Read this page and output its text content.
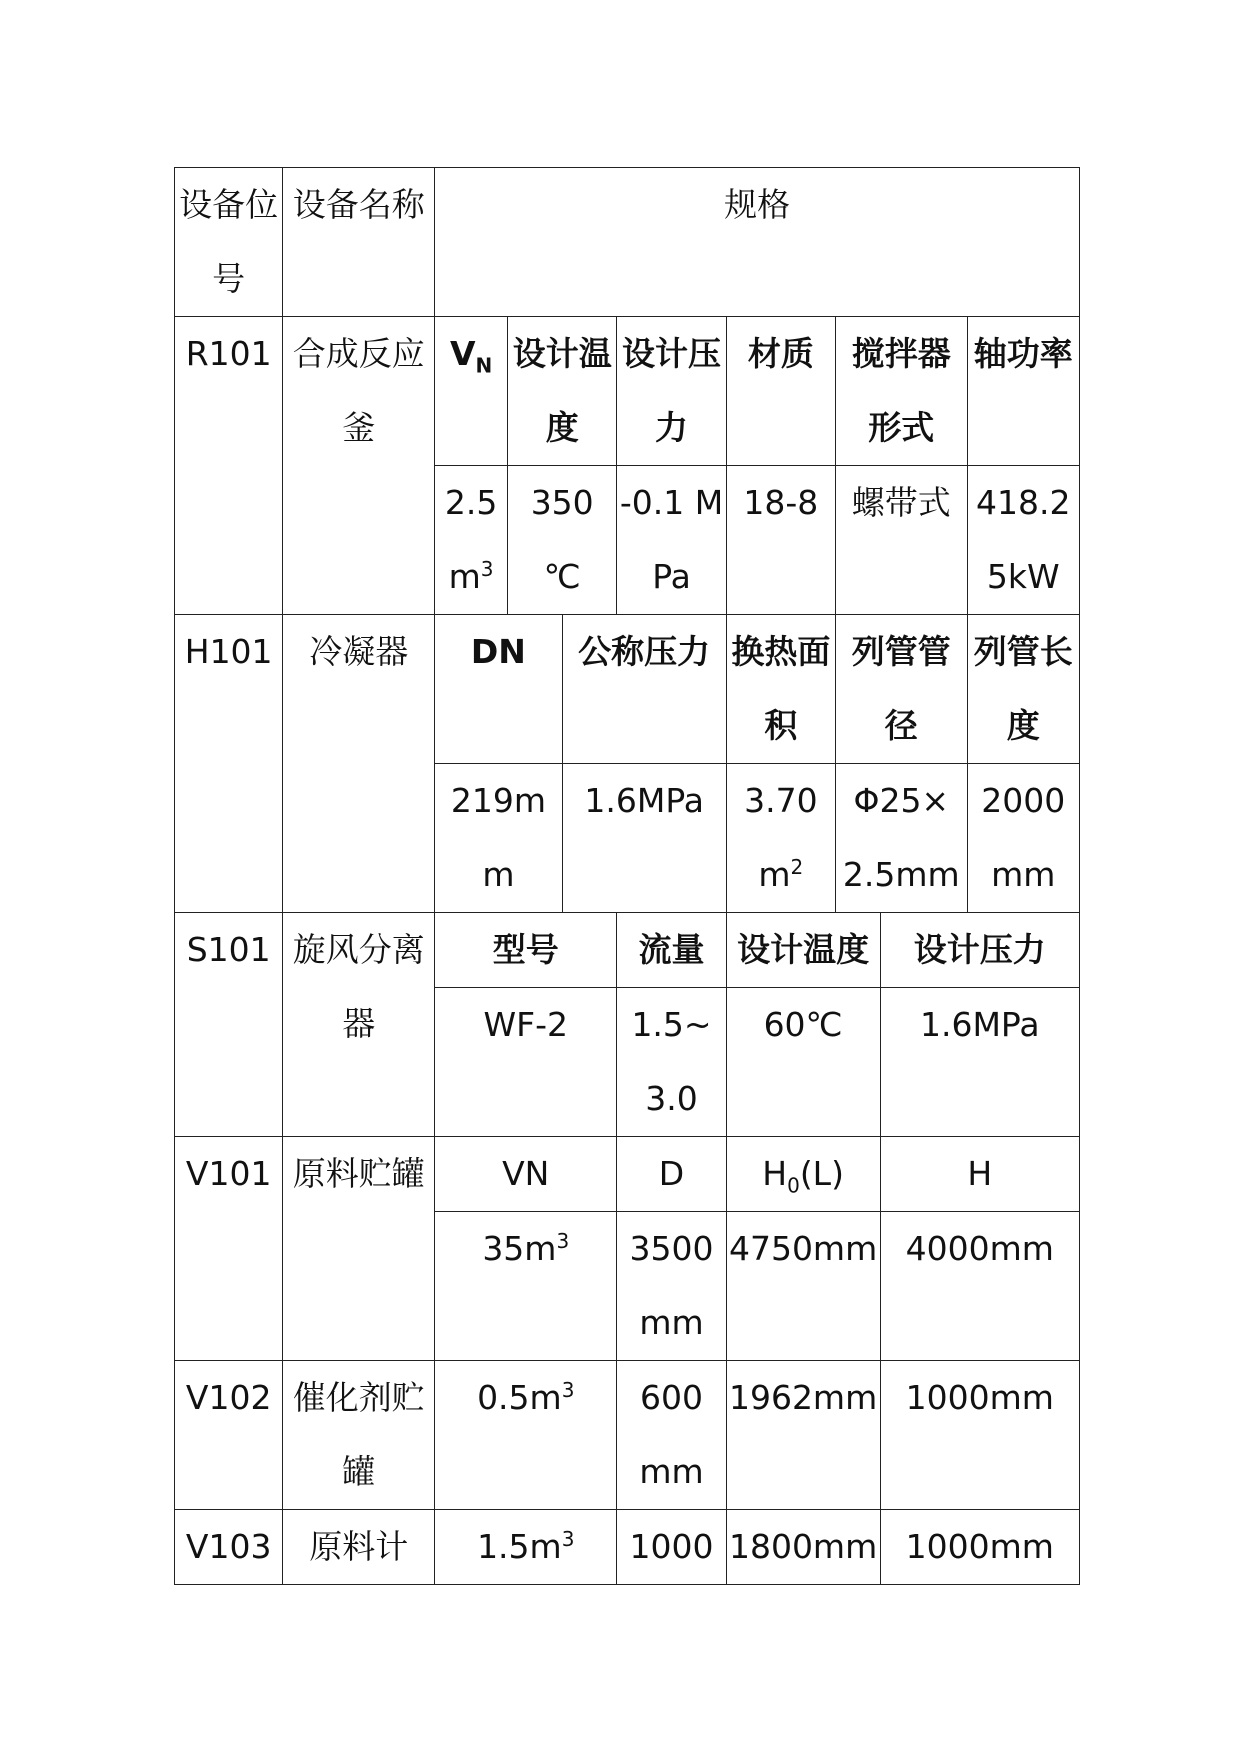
设备位号	设备名称	规格							
R101	合成反应釜	$V_N$	设计温度		设计压力	材质	搅拌器形式		轴功率
		2.5 $m^3$	350 ℃		-0.1 MPa	18-8	螺带式		418.25kW
H101	冷凝器	DN		公称压力		换热面积	列管管径		列管长度
		219mm		1.6MPa		3.70 $m^2$	Φ25×2.5mm		2000 mm
S101	旋风分离器	型号			流量	设计温度		设计压力	
		WF-2			1.5~3.0	60℃		1.6MPa	
V101	原料贮罐	VN			D	$H_0(L)$		H	
		$35m^3$			3500 mm	4750mm		4000mm	
V102	催化剂贮罐	$0.5m^3$			600 mm	1962mm		1000mm	
V103	原料计	$1.5m^3$			1000	1800mm		1000mm	
